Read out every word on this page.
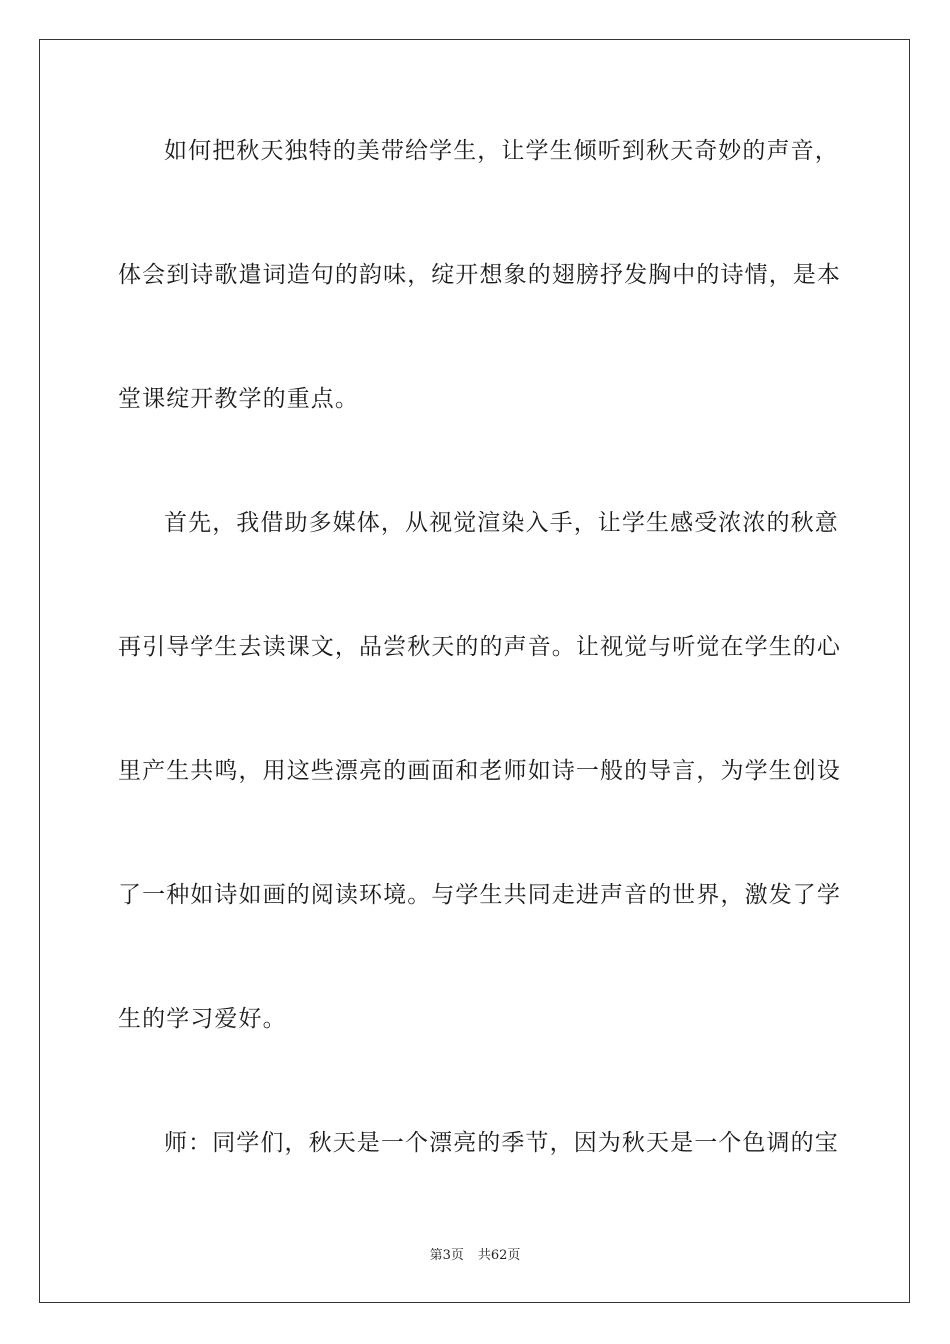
如何把秋天独特的美带给学生，让学生倾听到秋天奇妙的声音，
体会到诗歌遣词造句的韵味，绽开想象的翅膀抒发胸中的诗情，是本
堂课绽开教学的重点。
首先，我借助多媒体，从视觉渲染入手，让学生感受浓浓的秋意
再引导学生去读课文，品尝秋天的的声音。让视觉与听觉在学生的心
里产生共鸣，用这些漂亮的画面和老师如诗一般的导言，为学生创设
了一种如诗如画的阅读环境。与学生共同走进声音的世界，激发了学
生的学习爱好。
师：同学们，秋天是一个漂亮的季节，因为秋天是一个色调的宝
第3页 共62页
